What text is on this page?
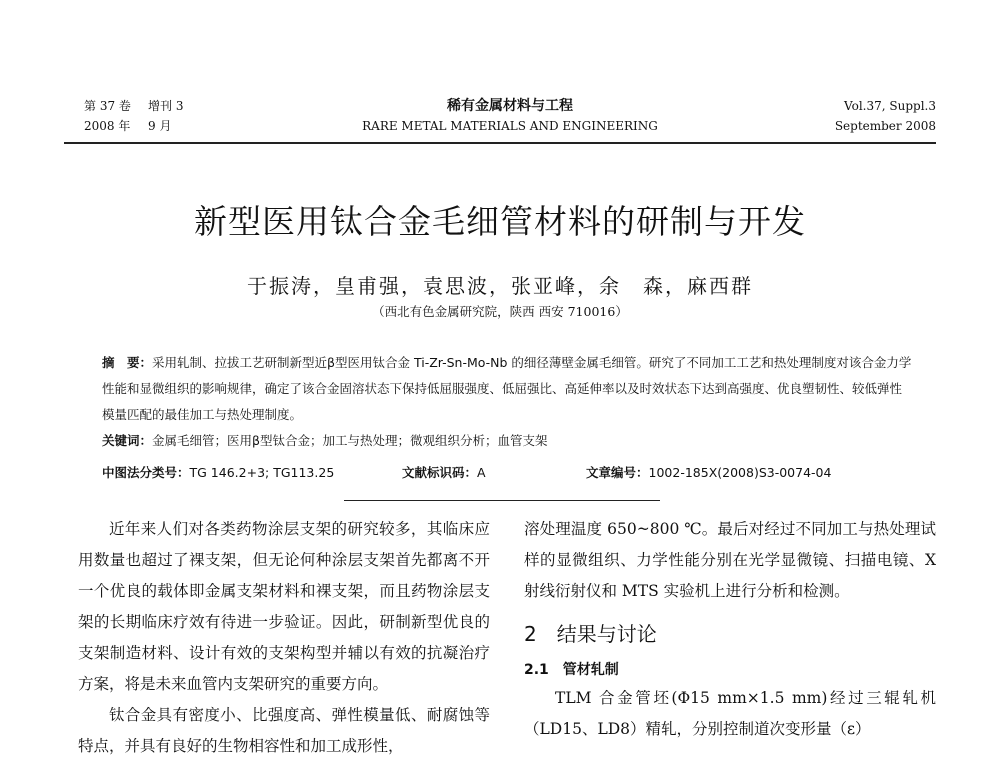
第 37 卷 增刊 3
2008 年 9 月
稀有金属材料与工程
RARE METAL MATERIALS AND ENGINEERING
Vol.37, Suppl.3
September 2008
新型医用钛合金毛细管材料的研制与开发
于振涛，皇甫强，袁思波，张亚峰，余　森，麻西群
（西北有色金属研究院，陕西 西安 710016）

摘　要：采用轧制、拉拔工艺研制新型近β型医用钛合金 Ti-Zr-Sn-Mo-Nb 的细径薄壁金属毛细管。研究了不同加工工艺和热处理制度对该合金力学性能和显微组织的影响规律，确定了该合金固溶状态下保持低屈服强度、低屈强比、高延伸率以及时效状态下达到高强度、优良塑韧性、较低弹性模量匹配的最佳加工与热处理制度。

关键词：金属毛细管；医用β型钛合金；加工与热处理；微观组织分析；血管支架

中图法分类号：TG 146.2+3; TG113.25	文献标识码：A	文章编号：1002-185X(2008)S3-0074-04

近年来人们对各类药物涂层支架的研究较多，其临床应用数量也超过了裸支架，但无论何种涂层支架首先都离不开一个优良的载体即金属支架材料和裸支架，而且药物涂层支架的长期临床疗效有待进一步验证。因此，研制新型优良的支架制造材料、设计有效的支架构型并辅以有效的抗凝治疗方案，将是未来血管内支架研究的重要方向。

钛合金具有密度小、比强度高、弹性模量低、耐腐蚀等特点，并具有良好的生物相容性和加工成形性，

溶处理温度 650~800 ℃。最后对经过不同加工与热处理试样的显微组织、力学性能分别在光学显微镜、扫描电镜、X 射线衍射仪和 MTS 实验机上进行分析和检测。

2　结果与讨论

2.1　管材轧制

TLM 合金管坯(Φ15 mm×1.5 mm)经过三辊轧机（LD15、LD8）精轧，分别控制道次变形量（ε）
